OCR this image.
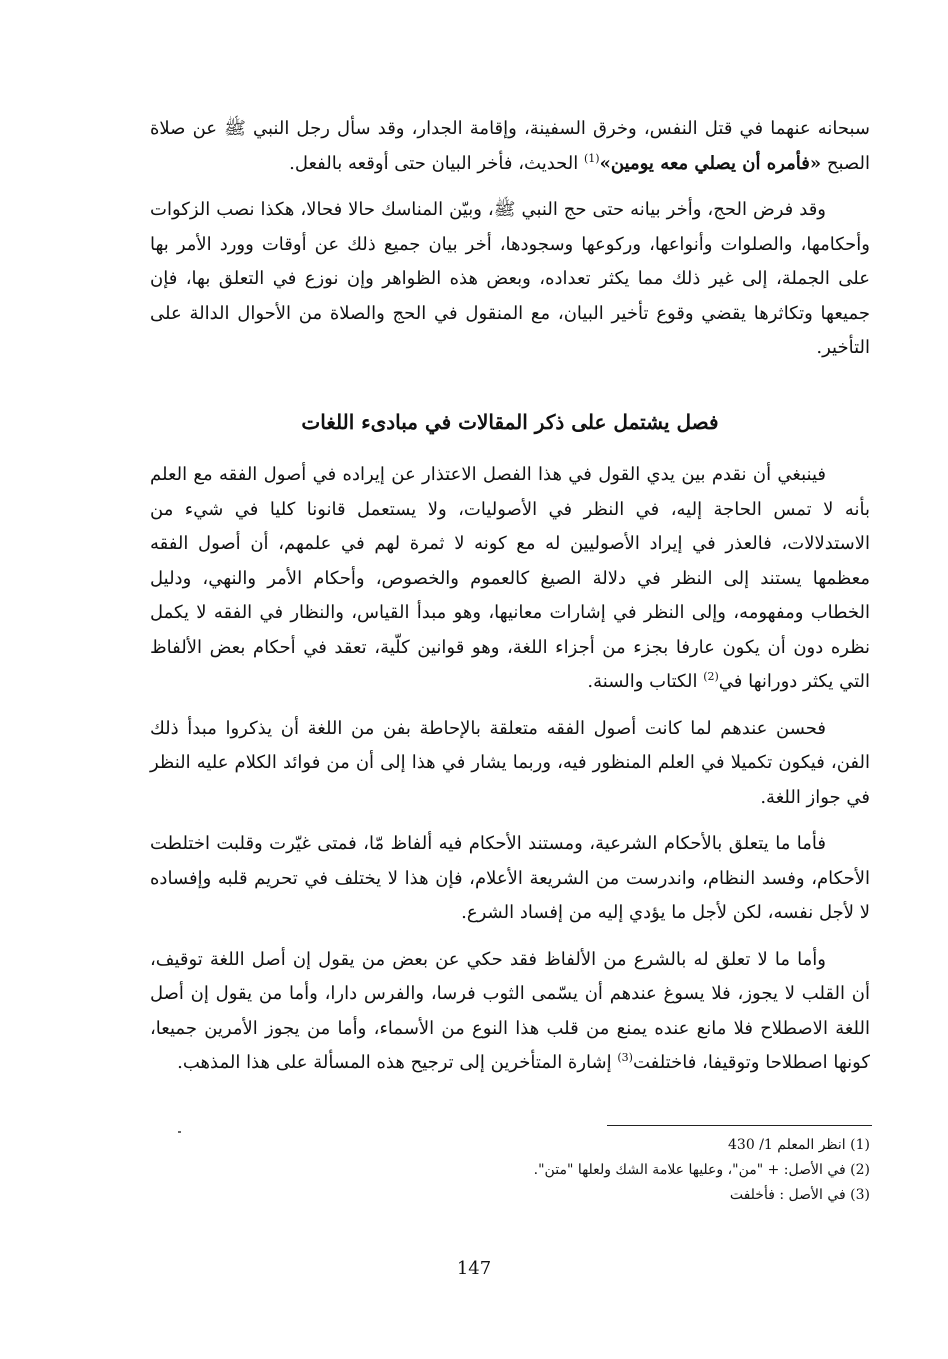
سبحانه عنهما في قتل النفس، وخرق السفينة، وإقامة الجدار، وقد سأل رجل النبي ﷺ عن صلاة الصبح «فأمره أن يصلي معه يومين»$^{(1)}$ الحديث، فأخر البيان حتى أوقعه بالفعل.

وقد فرض الحج، وأخر بيانه حتى حج النبي ﷺ، وبيّن المناسك حالا فحالا، هكذا نصب الزكوات وأحكامها، والصلوات وأنواعها، وركوعها وسجودها، أخر بيان جميع ذلك عن أوقات وورد الأمر بها على الجملة، إلى غير ذلك مما يكثر تعداده، وبعض هذه الظواهر وإن نوزع في التعلق بها، فإن جميعها وتكاثرها يقضي وقوع تأخير البيان، مع المنقول في الحج والصلاة من الأحوال الدالة على التأخير.

فصل يشتمل على ذكر المقالات في مبادىء اللغات

فينبغي أن نقدم بين يدي القول في هذا الفصل الاعتذار عن إيراده في أصول الفقه مع العلم بأنه لا تمس الحاجة إليه، في النظر في الأصوليات، ولا يستعمل قانونا كليا في شيء من الاستدلالات، فالعذر في إيراد الأصوليين له مع كونه لا ثمرة لهم في علمهم، أن أصول الفقه معظمها يستند إلى النظر في دلالة الصيغ كالعموم والخصوص، وأحكام الأمر والنهي، ودليل الخطاب ومفهومه، وإلى النظر في إشارات معانيها، وهو مبدأ القياس، والنظار في الفقه لا يكمل نظره دون أن يكون عارفا بجزء من أجزاء اللغة، وهو قوانين كلّية، تعقد في أحكام بعض الألفاظ التي يكثر دورانها في$^{(2)}$ الكتاب والسنة.

فحسن عندهم لما كانت أصول الفقه متعلقة بالإحاطة بفن من اللغة أن يذكروا مبدأ ذلك الفن، فيكون تكميلا في العلم المنظور فيه، وربما يشار في هذا إلى أن من فوائد الكلام عليه النظر في جواز اللغة.

فأما ما يتعلق بالأحكام الشرعية، ومستند الأحكام فيه ألفاظ مّا، فمتى غيّرت وقلبت اختلطت الأحكام، وفسد النظام، واندرست من الشريعة الأعلام، فإن هذا لا يختلف في تحريم قلبه وإفساده لا لأجل نفسه، لكن لأجل ما يؤدي إليه من إفساد الشرع.

وأما ما لا تعلق له بالشرع من الألفاظ فقد حكي عن بعض من يقول إن أصل اللغة توقيف، أن القلب لا يجوز، فلا يسوغ عندهم أن يسّمى الثوب فرسا، والفرس دارا، وأما من يقول إن أصل اللغة الاصطلاح فلا مانع عنده يمنع من قلب هذا النوع من الأسماء، وأما من يجوز الأمرين جميعا، كونها اصطلاحا وتوقيفا، فاختلفت$^{(3)}$ إشارة المتأخرين إلى ترجيح هذه المسألة على هذا المذهب.

(1) انظر المعلم 1/ 430
(2) في الأصل: + "من"، وعليها علامة الشك ولعلها "متن".
(3) في الأصل : فأخلفت
147
